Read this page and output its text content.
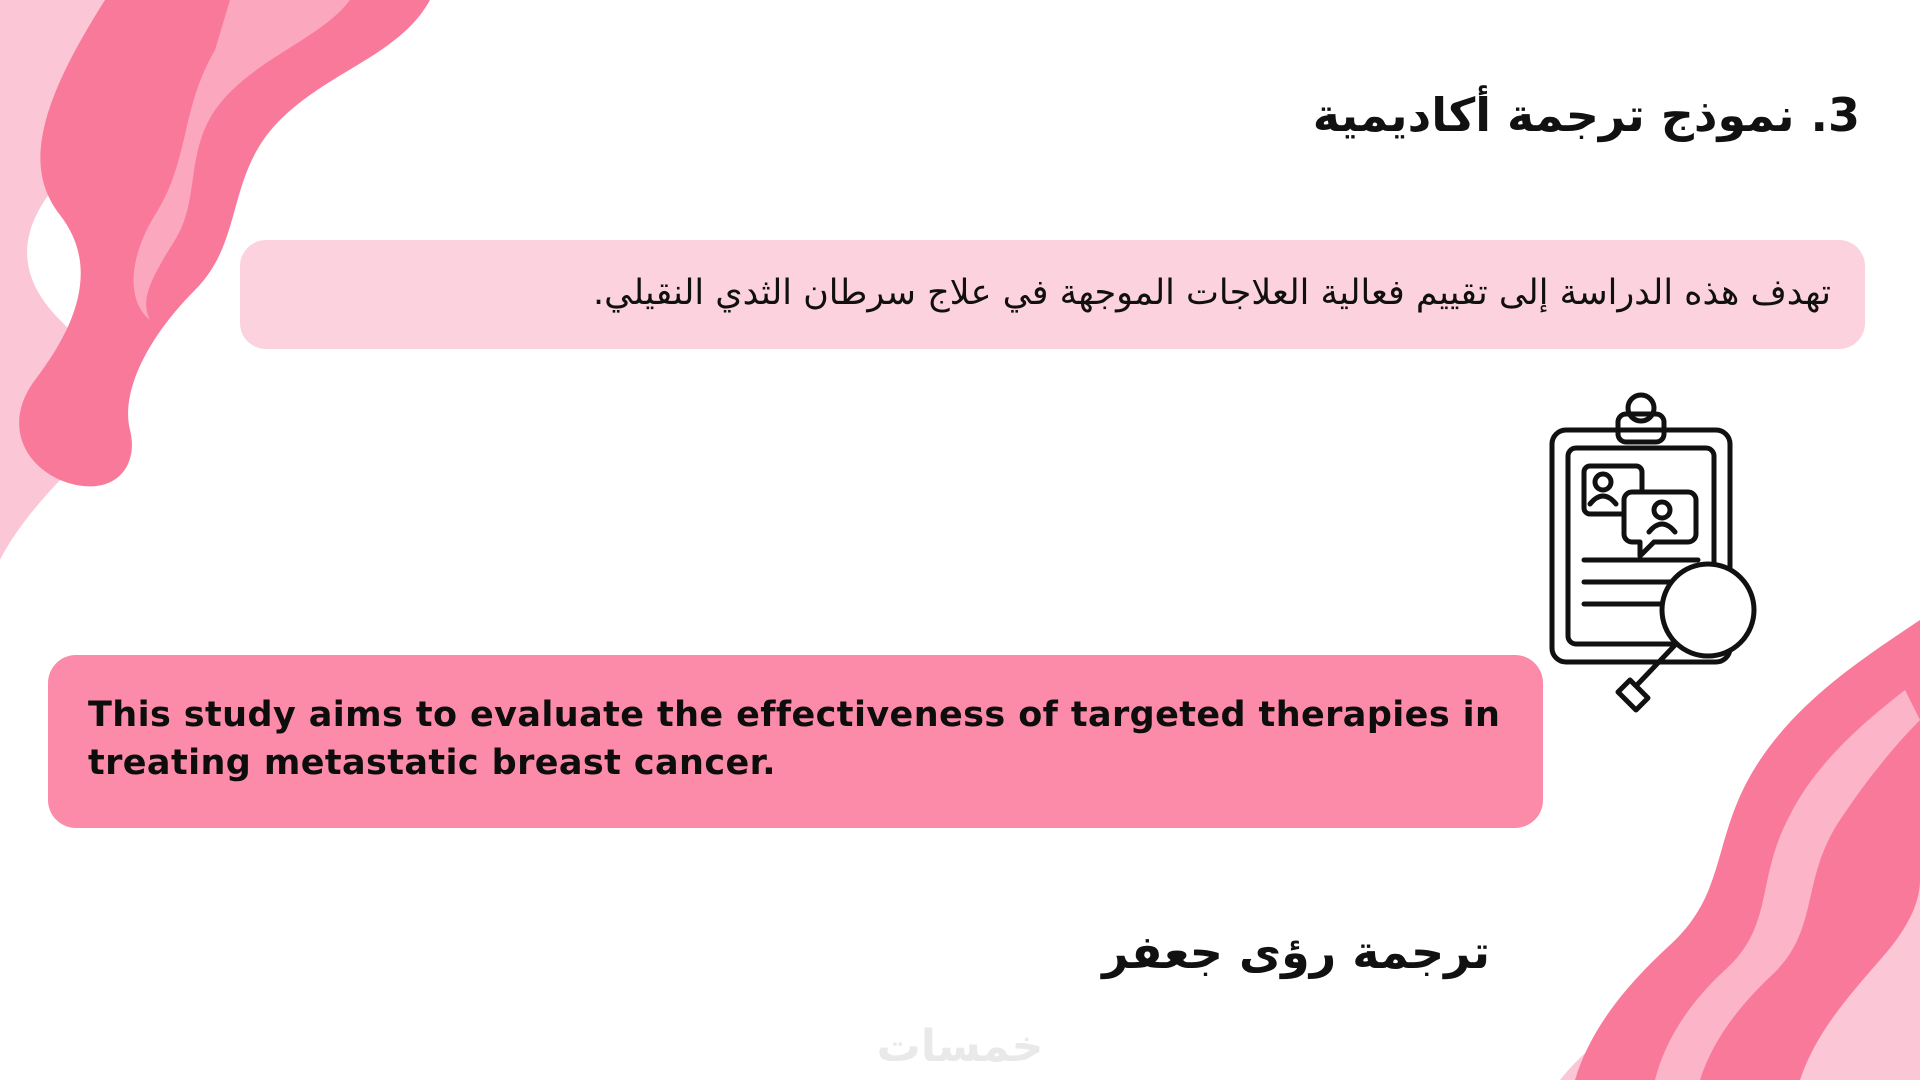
3. نموذج ترجمة أكاديمية
تهدف هذه الدراسة إلى تقييم فعالية العلاجات الموجهة في علاج سرطان الثدي النقيلي.
This study aims to evaluate the effectiveness of targeted therapies in treating metastatic breast cancer.
ترجمة رؤى جعفر
خمسات
